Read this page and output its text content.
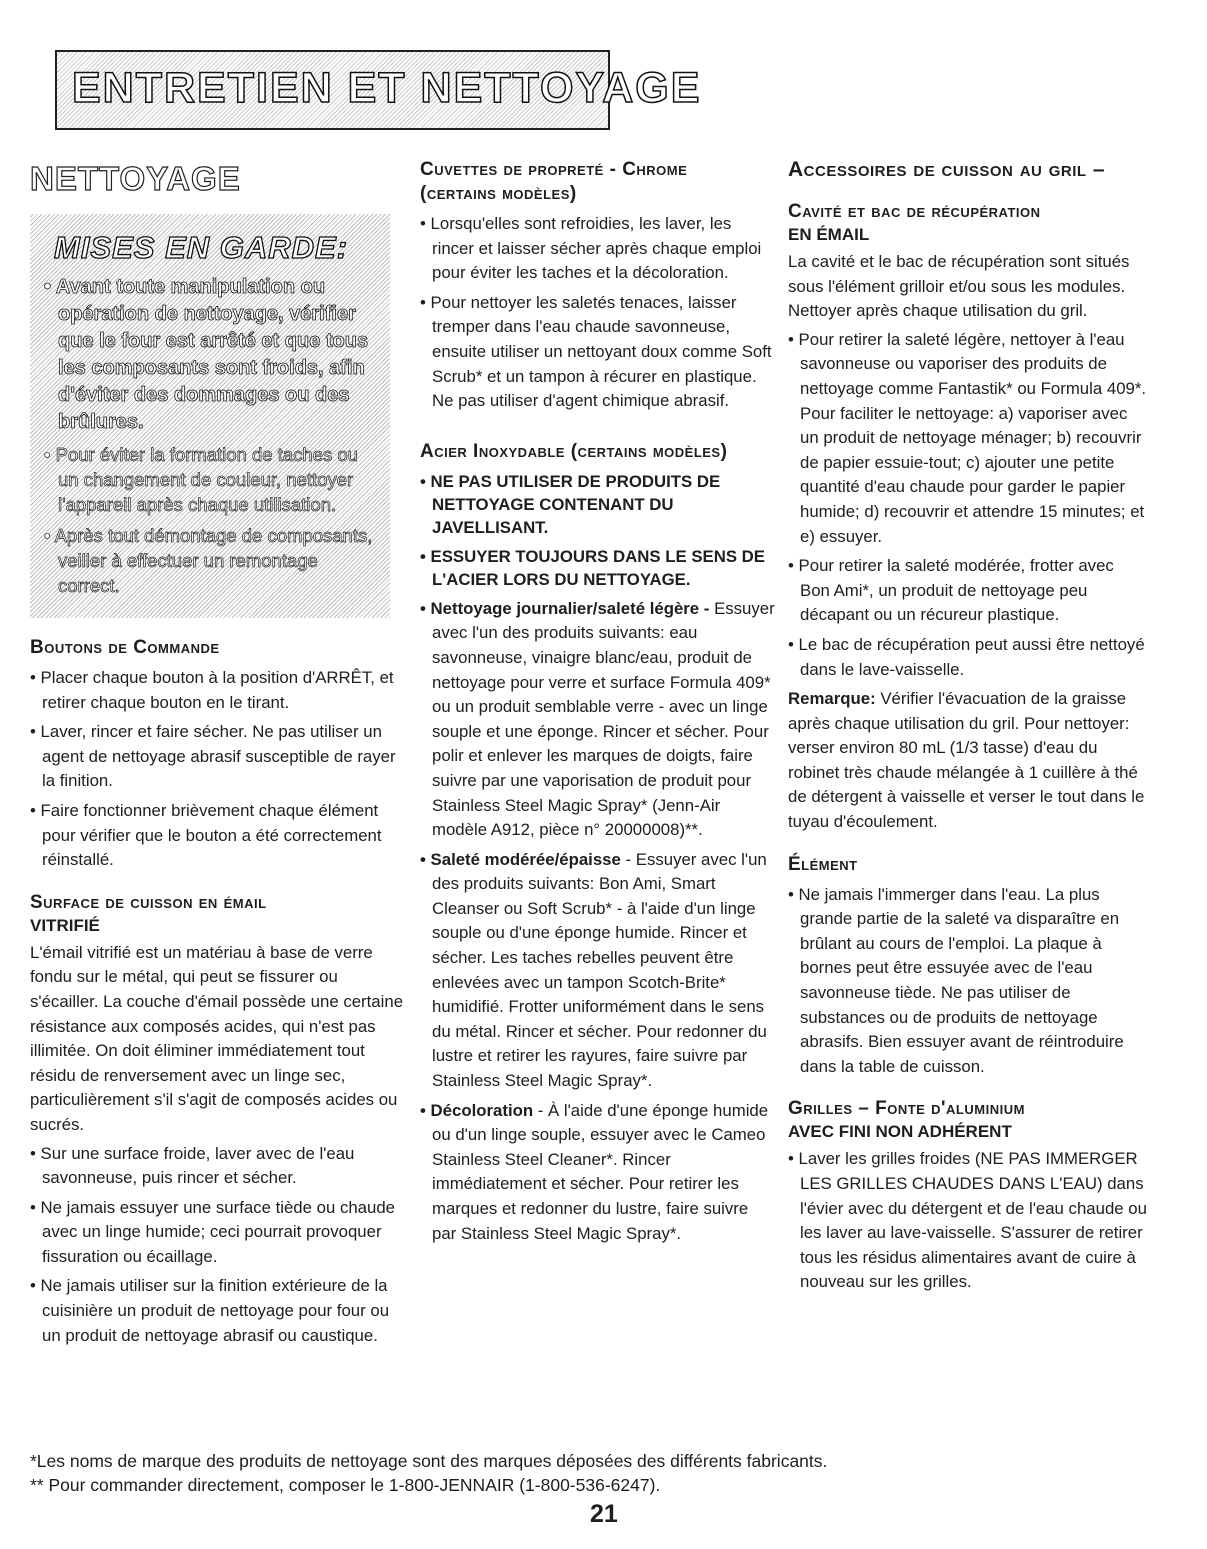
ENTRETIEN ET NETTOYAGE
NETTOYAGE
MISES EN GARDE:
• Avant toute manipulation ou opération de nettoyage, vérifier que le four est arrêté et que tous les composants sont froids, afin d'éviter des dommages ou des brûlures.
• Pour éviter la formation de taches ou un changement de couleur, nettoyer l'appareil après chaque utilisation.
• Après tout démontage de composants, veiller à effectuer un remontage correct.
Boutons de Commande
• Placer chaque bouton à la position d'ARRÊT, et retirer chaque bouton en le tirant.
• Laver, rincer et faire sécher. Ne pas utiliser un agent de nettoyage abrasif susceptible de rayer la finition.
• Faire fonctionner brièvement chaque élément pour vérifier que le bouton a été correctement réinstallé.
Surface de cuisson en émail
VITRIFIÉ
L'émail vitrifié est un matériau à base de verre fondu sur le métal, qui peut se fissurer ou s'écailler. La couche d'émail possède une certaine résistance aux composés acides, qui n'est pas illimitée. On doit éliminer immédiatement tout résidu de renversement avec un linge sec, particulièrement s'il s'agit de composés acides ou sucrés.
• Sur une surface froide, laver avec de l'eau savonneuse, puis rincer et sécher.
• Ne jamais essuyer une surface tiède ou chaude avec un linge humide; ceci pourrait provoquer fissuration ou écaillage.
• Ne jamais utiliser sur la finition extérieure de la cuisinière un produit de nettoyage pour four ou un produit de nettoyage abrasif ou caustique.
Cuvettes de propreté - Chrome
(certains modèles)
• Lorsqu'elles sont refroidies, les laver, les rincer et laisser sécher après chaque emploi pour éviter les taches et la décoloration.
• Pour nettoyer les saletés tenaces, laisser tremper dans l'eau chaude savonneuse, ensuite utiliser un nettoyant doux comme Soft Scrub* et un tampon à récurer en plastique. Ne pas utiliser d'agent chimique abrasif.
Acier Inoxydable (certains modèles)
• NE PAS UTILISER DE PRODUITS DE NETTOYAGE CONTENANT DU JAVELLISANT.
• ESSUYER TOUJOURS DANS LE SENS DE L'ACIER LORS DU NETTOYAGE.
• Nettoyage journalier/saleté légère - Essuyer avec l'un des produits suivants: eau savonneuse, vinaigre blanc/eau, produit de nettoyage pour verre et surface Formula 409* ou un produit semblable verre - avec un linge souple et une éponge. Rincer et sécher. Pour polir et enlever les marques de doigts, faire suivre par une vaporisation de produit pour Stainless Steel Magic Spray* (Jenn-Air modèle A912, pièce n° 20000008)**.
• Saleté modérée/épaisse - Essuyer avec l'un des produits suivants: Bon Ami, Smart Cleanser ou Soft Scrub* - à l'aide d'un linge souple ou d'une éponge humide. Rincer et sécher. Les taches rebelles peuvent être enlevées avec un tampon Scotch-Brite* humidifié. Frotter uniformément dans le sens du métal. Rincer et sécher. Pour redonner du lustre et retirer les rayures, faire suivre par Stainless Steel Magic Spray*.
• Décoloration - À l'aide d'une éponge humide ou d'un linge souple, essuyer avec le Cameo Stainless Steel Cleaner*. Rincer immédiatement et sécher. Pour retirer les marques et redonner du lustre, faire suivre par Stainless Steel Magic Spray*.
Accessoires de cuisson au gril –
Cavité et bac de récupération
EN ÉMAIL
La cavité et le bac de récupération sont situés sous l'élément grilloir et/ou sous les modules. Nettoyer après chaque utilisation du gril.
• Pour retirer la saleté légère, nettoyer à l'eau savonneuse ou vaporiser des produits de nettoyage comme Fantastik* ou Formula 409*. Pour faciliter le nettoyage: a) vaporiser avec un produit de nettoyage ménager; b) recouvrir de papier essuie-tout; c) ajouter une petite quantité d'eau chaude pour garder le papier humide; d) recouvrir et attendre 15 minutes; et e) essuyer.
• Pour retirer la saleté modérée, frotter avec Bon Ami*, un produit de nettoyage peu décapant ou un récureur plastique.
• Le bac de récupération peut aussi être nettoyé dans le lave-vaisselle.
Remarque: Vérifier l'évacuation de la graisse après chaque utilisation du gril. Pour nettoyer: verser environ 80 mL (1/3 tasse) d'eau du robinet très chaude mélangée à 1 cuillère à thé de détergent à vaisselle et verser le tout dans le tuyau d'écoulement.
Élément
• Ne jamais l'immerger dans l'eau. La plus grande partie de la saleté va disparaître en brûlant au cours de l'emploi. La plaque à bornes peut être essuyée avec de l'eau savonneuse tiède. Ne pas utiliser de substances ou de produits de nettoyage abrasifs. Bien essuyer avant de réintroduire dans la table de cuisson.
Grilles – Fonte d'aluminium
AVEC FINI NON ADHÉRENT
• Laver les grilles froides (NE PAS IMMERGER LES GRILLES CHAUDES DANS L'EAU) dans l'évier avec du détergent et de l'eau chaude ou les laver au lave-vaisselle. S'assurer de retirer tous les résidus alimentaires avant de cuire à nouveau sur les grilles.
*Les noms de marque des produits de nettoyage sont des marques déposées des différents fabricants.
** Pour commander directement, composer le 1-800-JENNAIR (1-800-536-6247).
21
